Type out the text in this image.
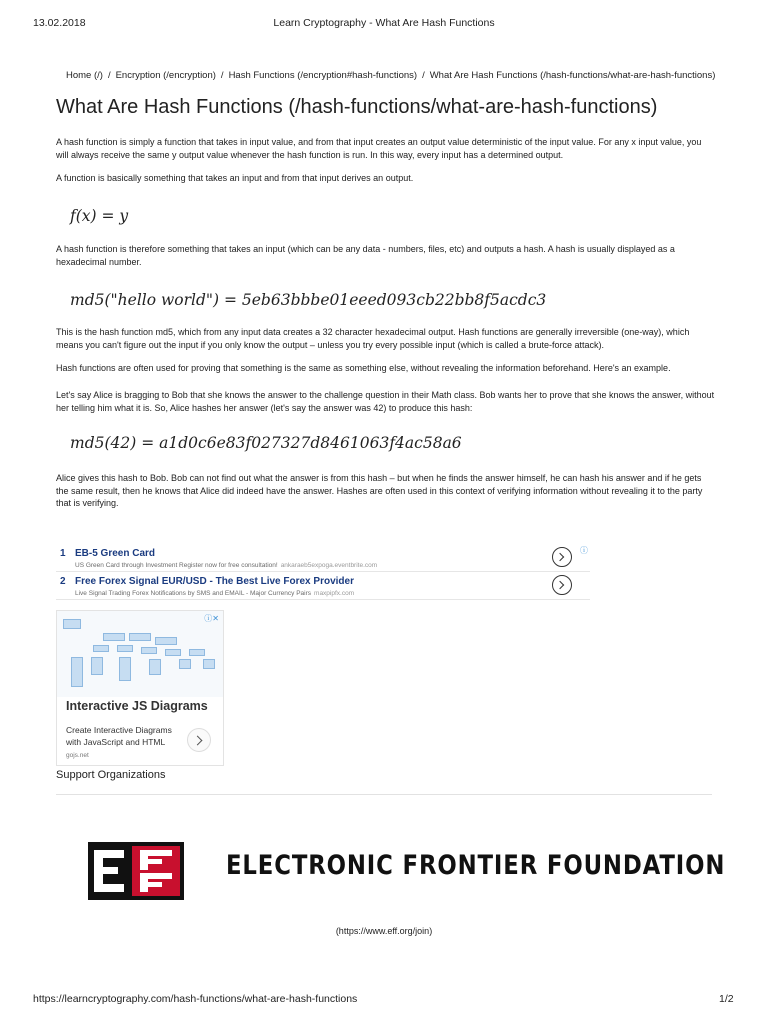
13.02.2018	Learn Cryptography - What Are Hash Functions
Home (/) / Encryption (/encryption) / Hash Functions (/encryption#hash-functions) / What Are Hash Functions (/hash-functions/what-are-hash-functions)
What Are Hash Functions (/hash-functions/what-are-hash-functions)

A hash function is simply a function that takes in input value, and from that input creates an output value deterministic of the input value. For any x input value, you will always receive the same y output value whenever the hash function is run. In this way, every input has a determined output.

A function is basically something that takes an input and from that input derives an output.

f(x) = y

A hash function is therefore something that takes an input (which can be any data - numbers, files, etc) and outputs a hash. A hash is usually displayed as a hexadecimal number.

md5("hello world") = 5eb63bbbe01eeed093cb22bb8f5acdc3

This is the hash function md5, which from any input data creates a 32 character hexadecimal output. Hash functions are generally irreversible (one-way), which means you can't figure out the input if you only know the output – unless you try every possible input (which is called a brute-force attack).

Hash functions are often used for proving that something is the same as something else, without revealing the information beforehand. Here's an example.

Let's say Alice is bragging to Bob that she knows the answer to the challenge question in their Math class. Bob wants her to prove that she knows the answer, without her telling him what it is. So, Alice hashes her answer (let's say the answer was 42) to produce this hash:

md5(42) = a1d0c6e83f027327d8461063f4ac58a6

Alice gives this hash to Bob. Bob can not find out what the answer is from this hash – but when he finds the answer himself, he can hash his answer and if he gets the same result, then he knows that Alice did indeed have the answer. Hashes are often used in this context of verifying information without revealing it to the party that is verifying.

1 EB-5 Green Card
US Green Card through Investment Register now for free consultation! ankaraeb5expoga.eventbrite.com
2 Free Forex Signal EUR/USD - The Best Live Forex Provider
Live Signal Trading Forex Notifications by SMS and EMAIL - Major Currency Pairs maxpipfx.com
ⓘ
ⓘ✕
Interactive JS Diagrams
Create Interactive Diagrams with JavaScript and HTML
gojs.net
Support Organizations
ELECTRONIC FRONTIER FOUNDATION
(https://www.eff.org/join)
https://learncryptography.com/hash-functions/what-are-hash-functions	1/2
